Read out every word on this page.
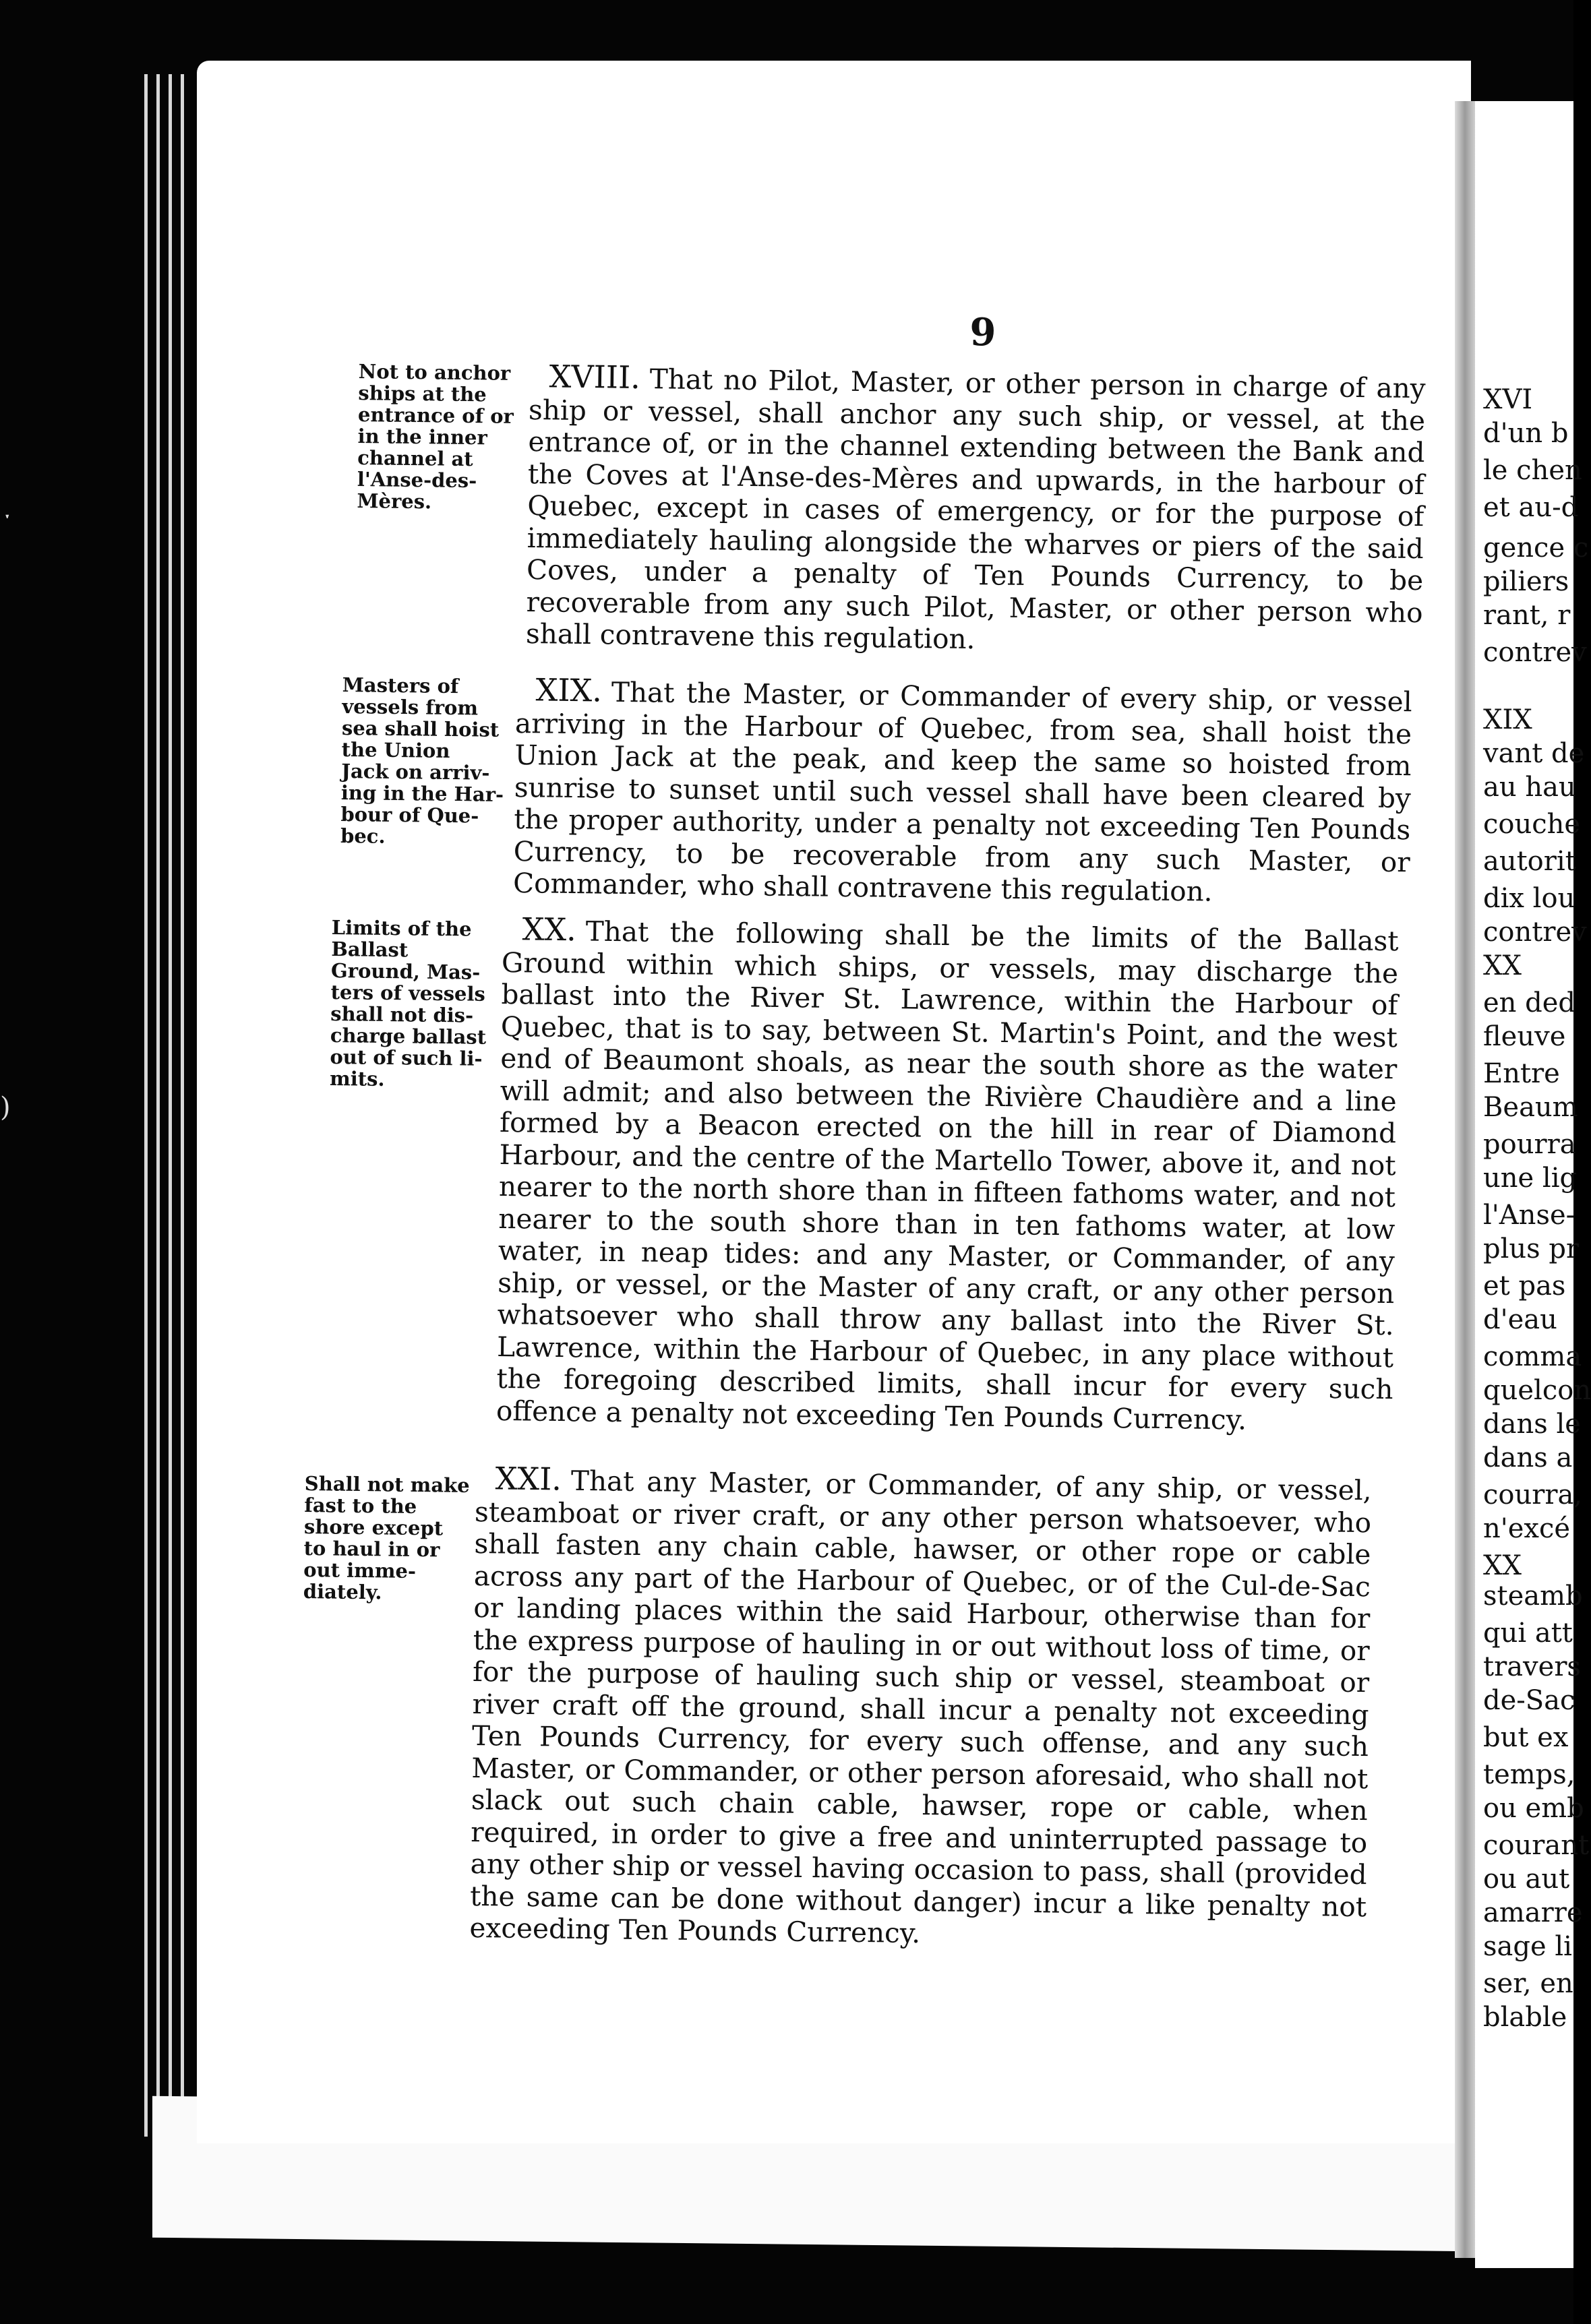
ˑ
)
9
Not to anchor
ships at the
entrance of or
in the inner
channel at
l'Anse-des-
Mères.
XVIII. That no Pilot, Master, or other person in charge of any ship or vessel, shall anchor any such ship, or vessel, at the entrance of, or in the channel extending between the Bank and the Coves at l'Anse-des-Mères and upwards, in the harbour of Quebec, except in cases of emergency, or for the purpose of immediately hauling alongside the wharves or piers of the said Coves, under a penalty of Ten Pounds Currency, to be recoverable from any such Pilot, Master, or other person who shall contravene this regulation.
Masters of
vessels from
sea shall hoist
the Union
Jack on arriv-
ing in the Har-
bour of Que-
bec.
XIX. That the Master, or Commander of every ship, or vessel arriving in the Harbour of Quebec, from sea, shall hoist the Union Jack at the peak, and keep the same so hoisted from sunrise to sunset until such vessel shall have been cleared by the proper authority, under a penalty not exceeding Ten Pounds Currency, to be recoverable from any such Master, or Commander, who shall contravene this regulation.
Limits of the
Ballast
Ground, Mas-
ters of vessels
shall not dis-
charge ballast
out of such li-
mits.
XX. That the following shall be the limits of the Ballast Ground within which ships, or vessels, may discharge the ballast into the River St. Lawrence, within the Harbour of Quebec, that is to say, between St. Martin's Point, and the west end of Beaumont shoals, as near the south shore as the water will admit; and also between the Rivière Chaudière and a line formed by a Beacon erected on the hill in rear of Diamond Harbour, and the centre of the Martello Tower, above it, and not nearer to the north shore than in fifteen fathoms water, and not nearer to the south shore than in ten fathoms water, at low water, in neap tides: and any Master, or Commander, of any ship, or vessel, or the Master of any craft, or any other person whatsoever who shall throw any ballast into the River St. Lawrence, within the Harbour of Quebec, in any place without the foregoing described limits, shall incur for every such offence a penalty not exceeding Ten Pounds Currency.
Shall not make
fast to the
shore except
to haul in or
out imme-
diately.
XXI. That any Master, or Commander, of any ship, or vessel, steamboat or river craft, or any other person whatsoever, who shall fasten any chain cable, hawser, or other rope or cable across any part of the Harbour of Quebec, or of the Cul-de-Sac or landing places within the said Harbour, otherwise than for the express purpose of hauling in or out without loss of time, or for the purpose of hauling such ship or vessel, steamboat or river craft off the ground, shall incur a penalty not exceeding Ten Pounds Currency, for every such offense, and any such Master, or Commander, or other person aforesaid, who shall not slack out such chain cable, hawser, rope or cable, when required, in order to give a free and uninterrupted passage to any other ship or vessel having occasion to pass, shall (provided the same can be done without danger) incur a like penalty not exceeding Ten Pounds Currency.
XVI
d'un b
le chen
et au-d
gence c
piliers
rant, r
contrev
XIX
vant de
au hau
couche
autorit
dix lou
contrev
XX
en ded
fleuve
Entre
Beaum
pourra
une lig
l'Anse-
plus pr
et pas
d'eau
comma
quelcon
dans le
dans a
courra,
n'excé
XX
steamb
qui att
travers
de-Sac
but ex
temps,
ou emb
courant
ou aut
amarre
sage li
ser, en
blable
